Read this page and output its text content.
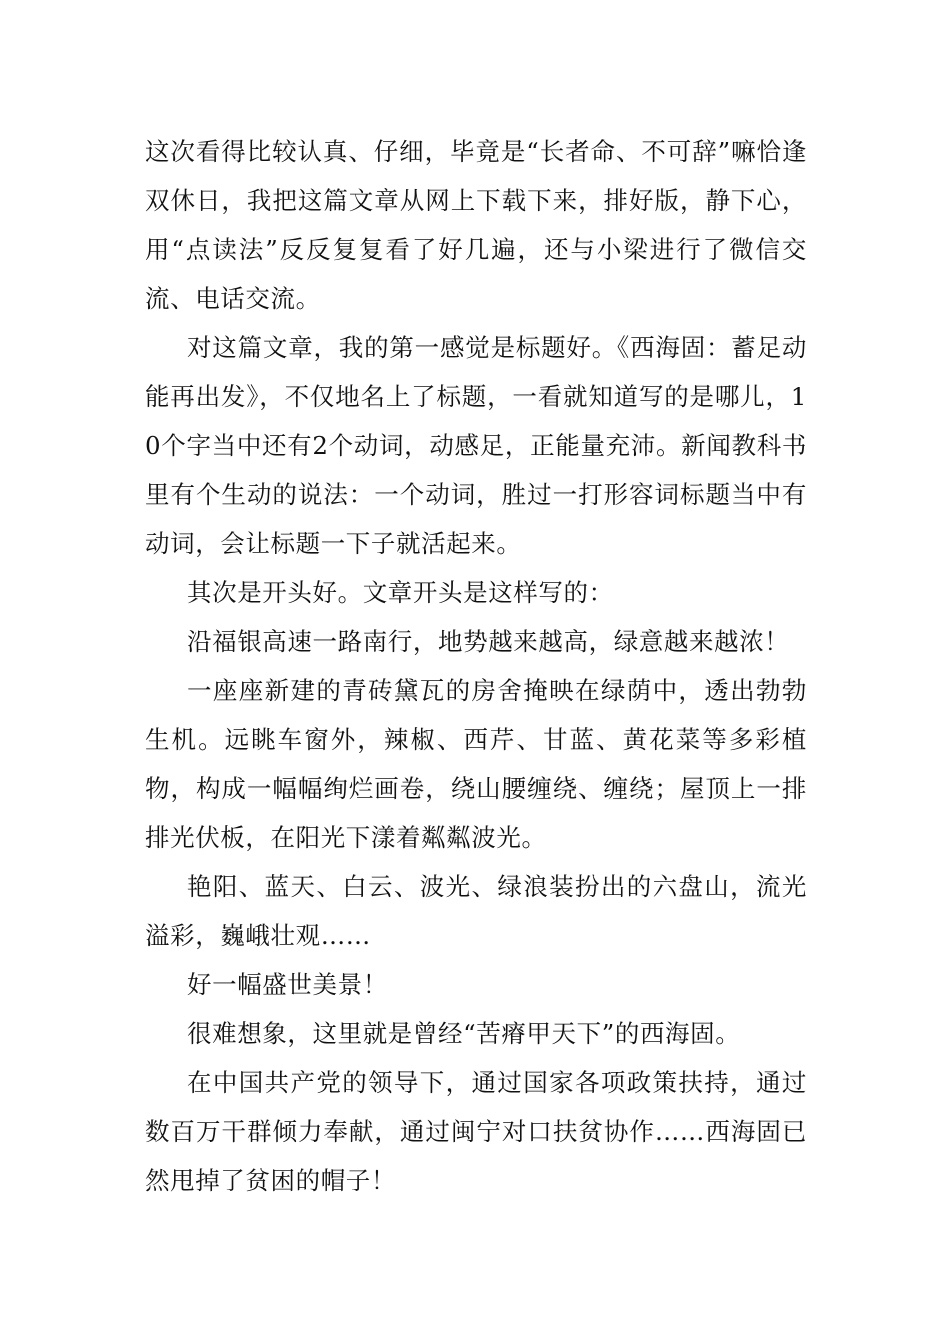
这次看得比较认真、仔细，毕竟是“长者命、不可辞”嘛恰逢双休日，我把这篇文章从网上下载下来，排好版，静下心，用“点读法”反反复复看了好几遍，还与小梁进行了微信交流、电话交流。

对这篇文章，我的第一感觉是标题好。《西海固：蓄足动能再出发》，不仅地名上了标题，一看就知道写的是哪儿，10个字当中还有2个动词，动感足，正能量充沛。新闻教科书里有个生动的说法：一个动词，胜过一打形容词标题当中有动词，会让标题一下子就活起来。

其次是开头好。文章开头是这样写的：

沿福银高速一路南行，地势越来越高，绿意越来越浓！

一座座新建的青砖黛瓦的房舍掩映在绿荫中，透出勃勃生机。远眺车窗外，辣椒、西芹、甘蓝、黄花菜等多彩植物，构成一幅幅绚烂画卷，绕山腰缠绕、缠绕；屋顶上一排排光伏板，在阳光下漾着粼粼波光。

艳阳、蓝天、白云、波光、绿浪装扮出的六盘山，流光溢彩，巍峨壮观……

好一幅盛世美景！

很难想象，这里就是曾经“苦瘠甲天下”的西海固。

在中国共产党的领导下，通过国家各项政策扶持，通过数百万干群倾力奉献，通过闽宁对口扶贫协作……西海固已然甩掉了贫困的帽子！
